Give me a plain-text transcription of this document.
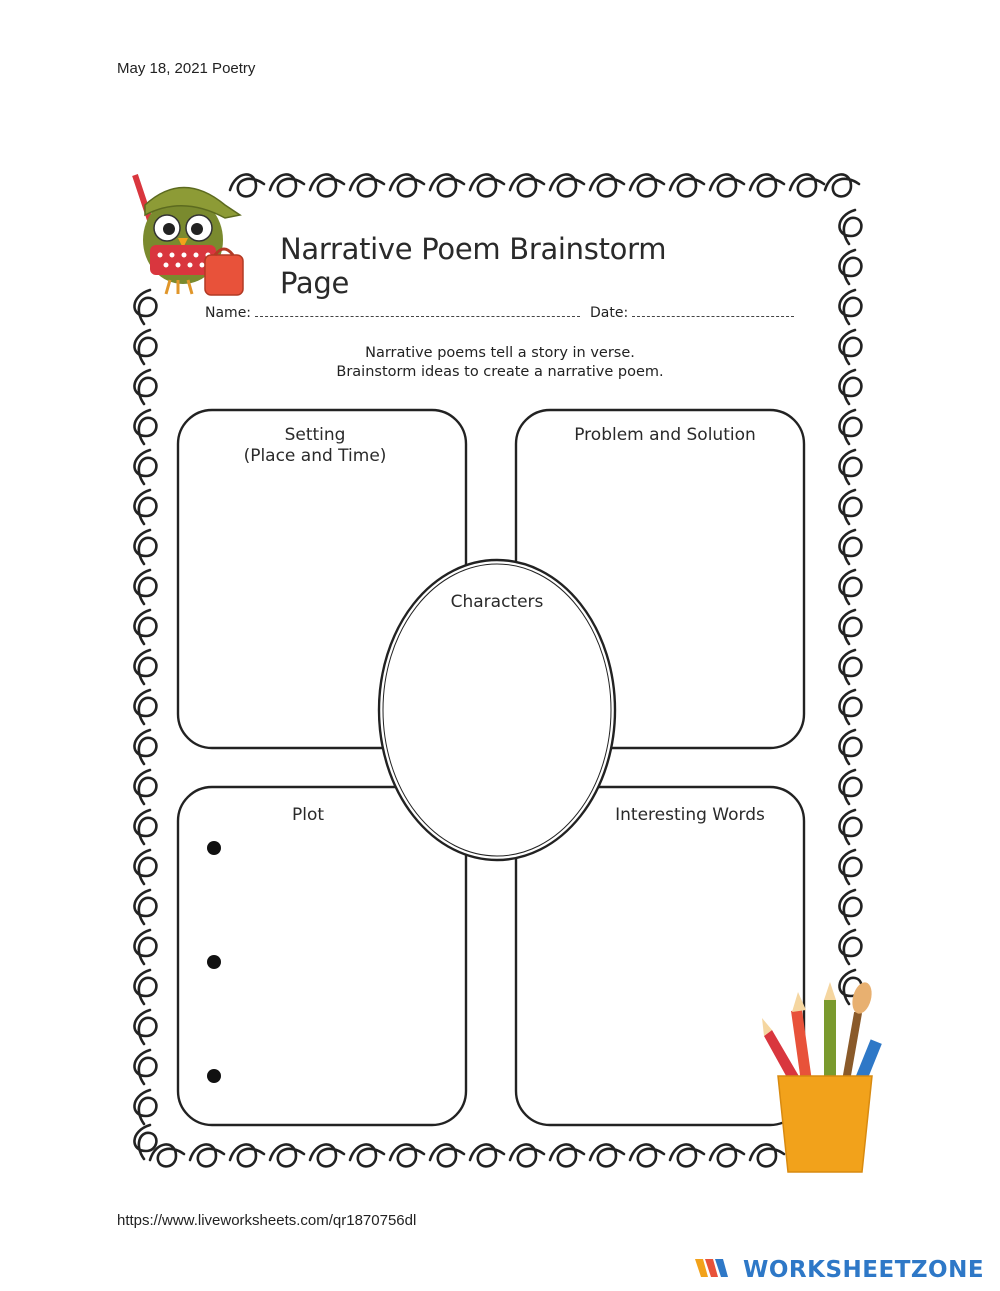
May 18, 2021 Poetry
Narrative Poem Brainstorm Page
Name:	Date:
Narrative poems tell a story in verse.
Brainstorm ideas to create a narrative poem.
Setting
(Place and Time)
Problem and Solution
Characters
Plot	Interesting Words
https://www.liveworksheets.com/qr1870756dl
WORKSHEETZONE
